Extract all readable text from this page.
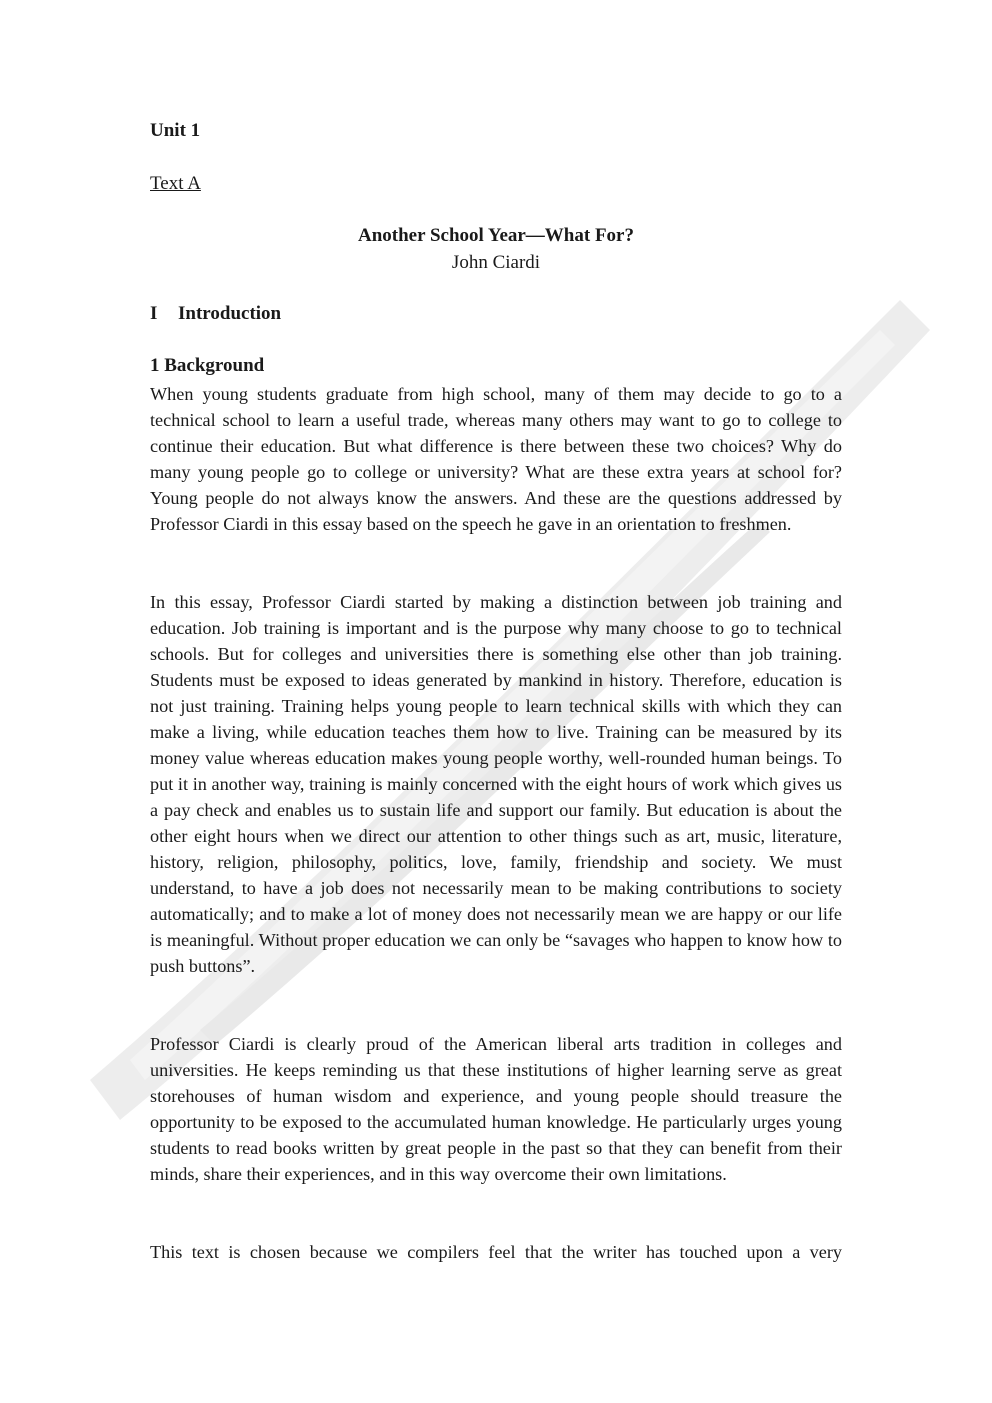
Unit 1

Text A

Another School Year—What For?

John Ciardi

I Introduction

1 Background

When young students graduate from high school, many of them may decide to go to a technical school to learn a useful trade, whereas many others may want to go to college to continue their education. But what difference is there between these two choices? Why do many young people go to college or university? What are these extra years at school for? Young people do not always know the answers. And these are the questions addressed by Professor Ciardi in this essay based on the speech he gave in an orientation to freshmen.

In this essay, Professor Ciardi started by making a distinction between job training and education. Job training is important and is the purpose why many choose to go to technical schools. But for colleges and universities there is something else other than job training. Students must be exposed to ideas generated by mankind in history. Therefore, education is not just training. Training helps young people to learn technical skills with which they can make a living, while education teaches them how to live. Training can be measured by its money value whereas education makes young people worthy, well-rounded human beings. To put it in another way, training is mainly concerned with the eight hours of work which gives us a pay check and enables us to sustain life and support our family. But education is about the other eight hours when we direct our attention to other things such as art, music, literature, history, religion, philosophy, politics, love, family, friendship and society. We must understand, to have a job does not necessarily mean to be making contributions to society automatically; and to make a lot of money does not necessarily mean we are happy or our life is meaningful. Without proper education we can only be “savages who happen to know how to push buttons”.

Professor Ciardi is clearly proud of the American liberal arts tradition in colleges and universities. He keeps reminding us that these institutions of higher learning serve as great storehouses of human wisdom and experience, and young people should treasure the opportunity to be exposed to the accumulated human knowledge. He particularly urges young students to read books written by great people in the past so that they can benefit from their minds, share their experiences, and in this way overcome their own limitations.

This text is chosen because we compilers feel that the writer has touched upon a very
